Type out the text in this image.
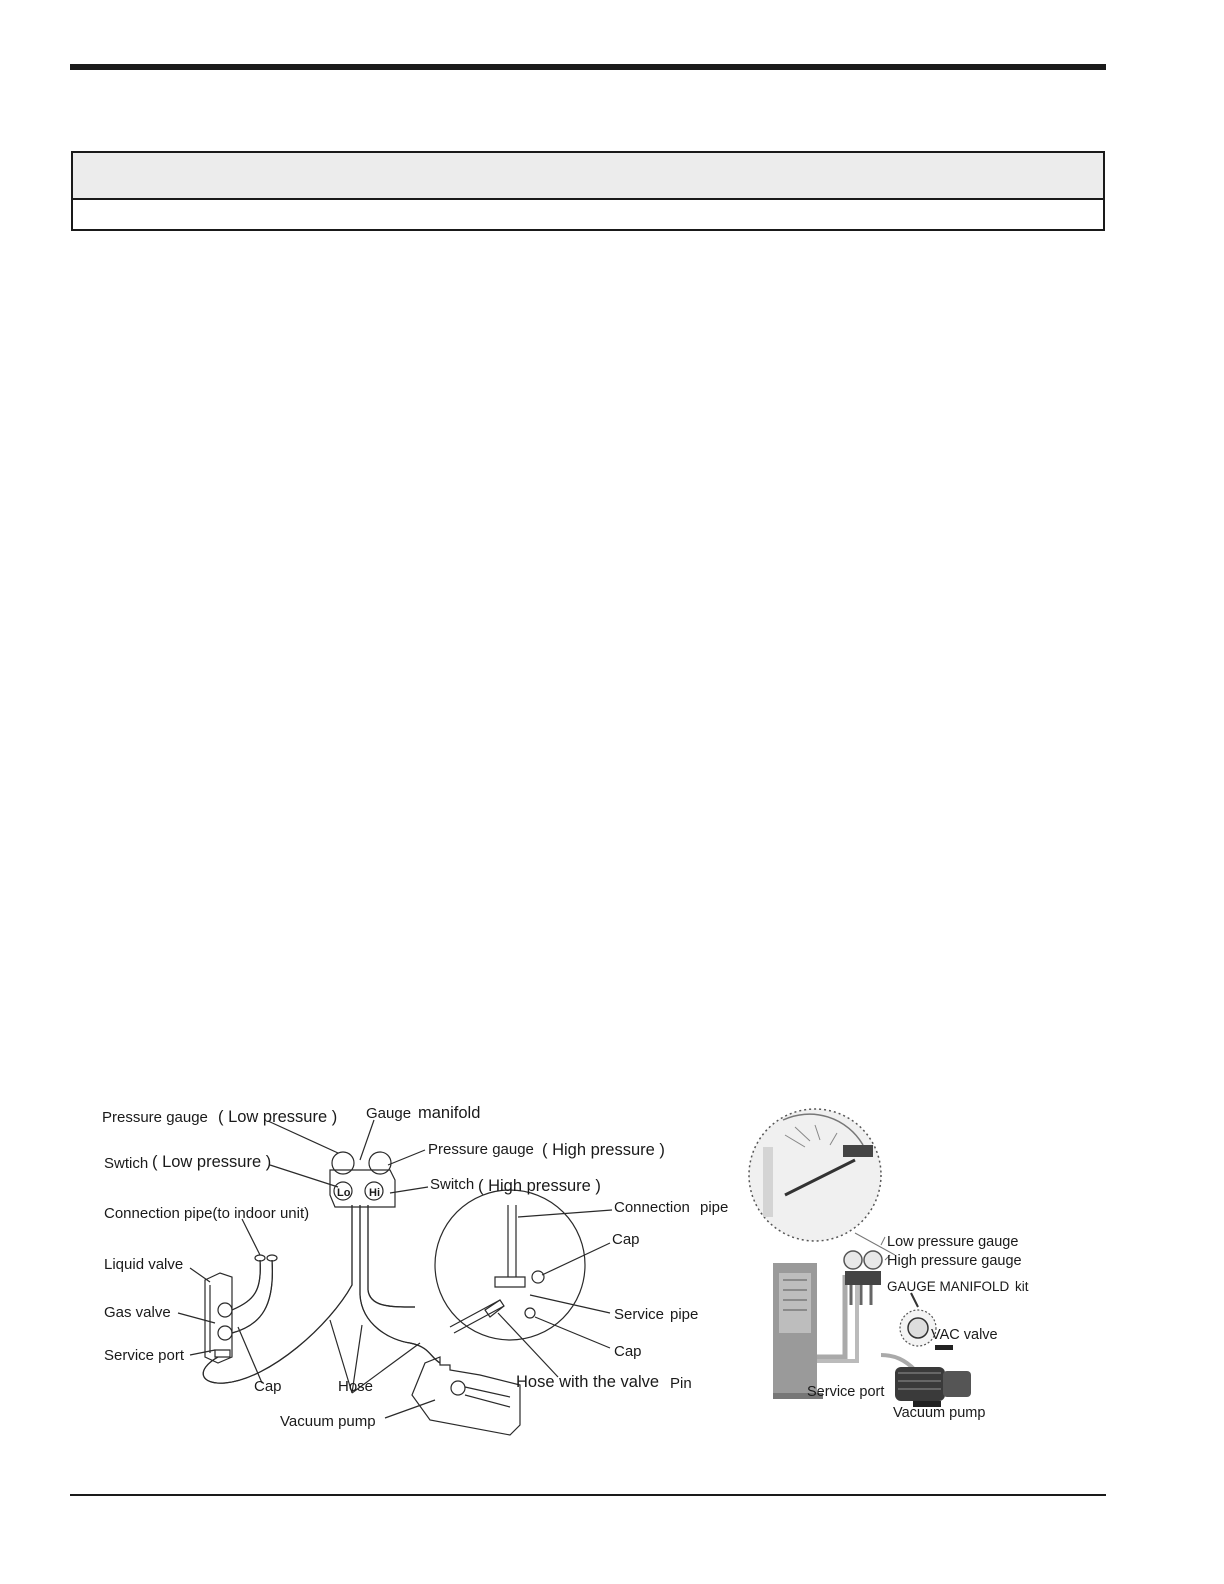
Lo Hi
Pressure gauge ( Low pressure ) Gauge manifold
Pressure gauge ( High pressure )
Swtich ( Low pressure )
Switch ( High pressure )
Connection pipe(to indoor unit)	Connection pipe
Cap
Liquid valve
Gas valve	Service pipe
Cap
Service port
Cap	Hose	Hose with the valve Pin
Vacuum pump
Low pressure gauge
High pressure gauge
GAUGE MANIFOLD kit
VAC valve
Service port
Vacuum pump
